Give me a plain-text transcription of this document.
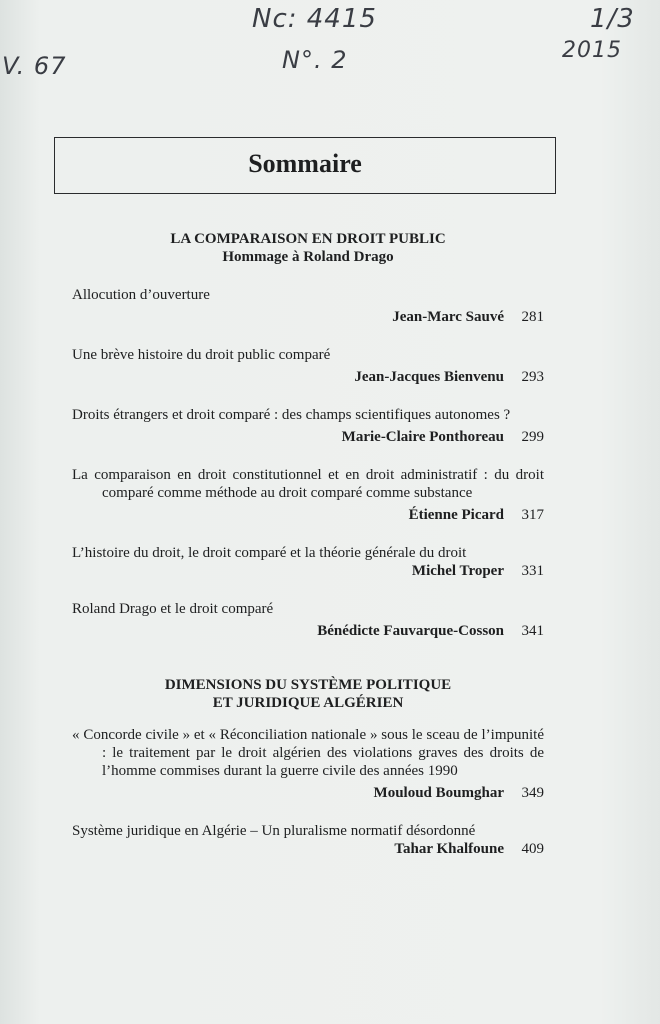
Nc: 4415	1/3
V. 67	N°. 2	2015
Sommaire
LA COMPARAISON EN DROIT PUBLIC
Hommage à Roland Drago
Allocution d’ouverture
Jean-Marc Sauvé	281
Une brève histoire du droit public comparé
Jean-Jacques Bienvenu	293
Droits étrangers et droit comparé : des champs scientifiques autonomes ?
Marie-Claire Ponthoreau	299
La comparaison en droit constitutionnel et en droit administratif : du droit comparé comme méthode au droit comparé comme substance
Étienne Picard	317
L’histoire du droit, le droit comparé et la théorie générale du droit
Michel Troper	331
Roland Drago et le droit comparé
Bénédicte Fauvarque-Cosson	341
DIMENSIONS DU SYSTÈME POLITIQUE
ET JURIDIQUE ALGÉRIEN
« Concorde civile » et « Réconciliation nationale » sous le sceau de l’impunité : le traitement par le droit algérien des violations graves des droits de l’homme commises durant la guerre civile des années 1990
Mouloud Boumghar	349
Système juridique en Algérie – Un pluralisme normatif désordonné
Tahar Khalfoune	409
